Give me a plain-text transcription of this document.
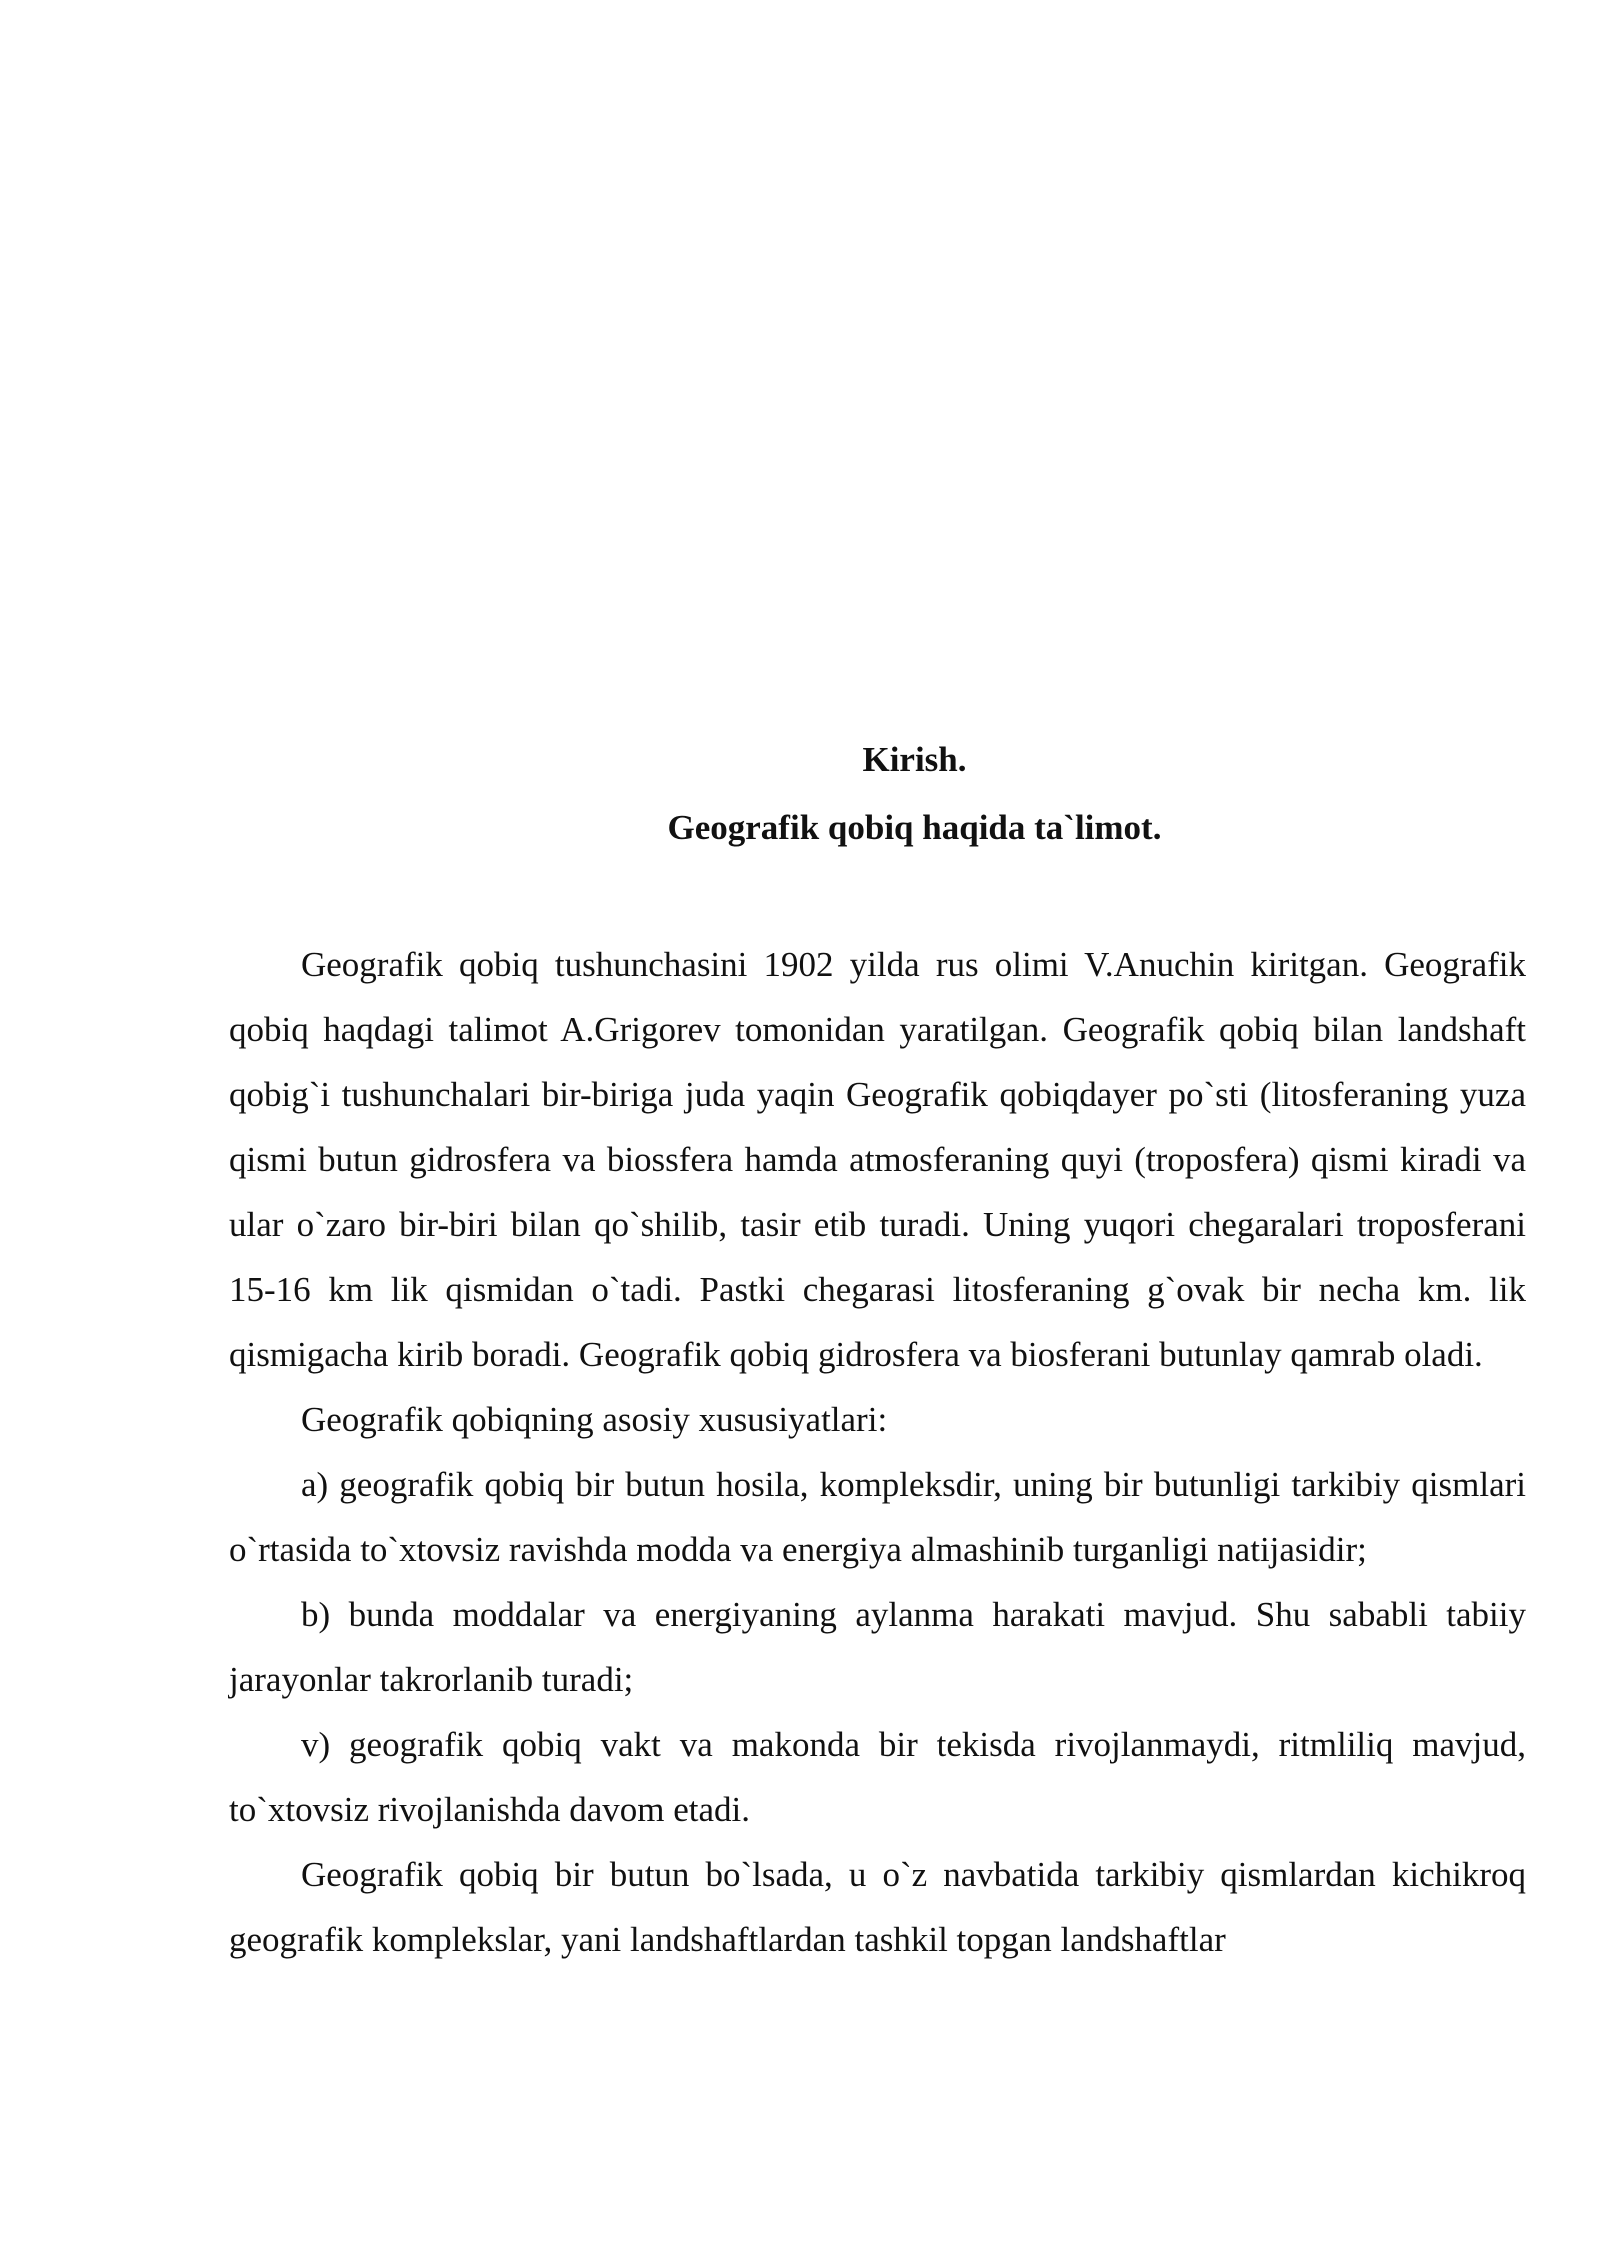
Kirish.
Geografik qobiq haqida ta`limot.

Geografik qobiq tushunchasini 1902 yilda rus olimi V.Anuchin kiritgan. Geografik qobiq haqdagi talimot A.Grigorev tomonidan yaratilgan. Geografik qobiq bilan landshaft qobig`i tushunchalari bir-biriga juda yaqin Geografik qobiqdayer po`sti (litosferaning yuza qismi butun gidrosfera va biossfera hamda atmosferaning quyi (troposfera) qismi kiradi va ular o`zaro bir-biri bilan qo`shilib, tasir etib turadi. Uning yuqori chegaralari troposferani 15-16 km lik qismidan o`tadi. Pastki chegarasi litosferaning g`ovak bir necha km. lik qismigacha kirib boradi. Geografik qobiq gidrosfera va biosferani butunlay qamrab oladi.

Geografik qobiqning asosiy xususiyatlari:

a) geografik qobiq bir butun hosila, kompleksdir, uning bir butunligi tarkibiy qismlari o`rtasida to`xtovsiz ravishda modda va energiya almashinib turganligi natijasidir;

b) bunda moddalar va energiyaning aylanma harakati mavjud. Shu sababli tabiiy jarayonlar takrorlanib turadi;

v) geografik qobiq vakt va makonda bir tekisda rivojlanmaydi, ritmliliq mavjud, to`xtovsiz rivojlanishda davom etadi.

Geografik qobiq bir butun bo`lsada, u o`z navbatida tarkibiy qismlardan kichikroq geografik komplekslar, yani landshaftlardan tashkil topgan landshaftlar
